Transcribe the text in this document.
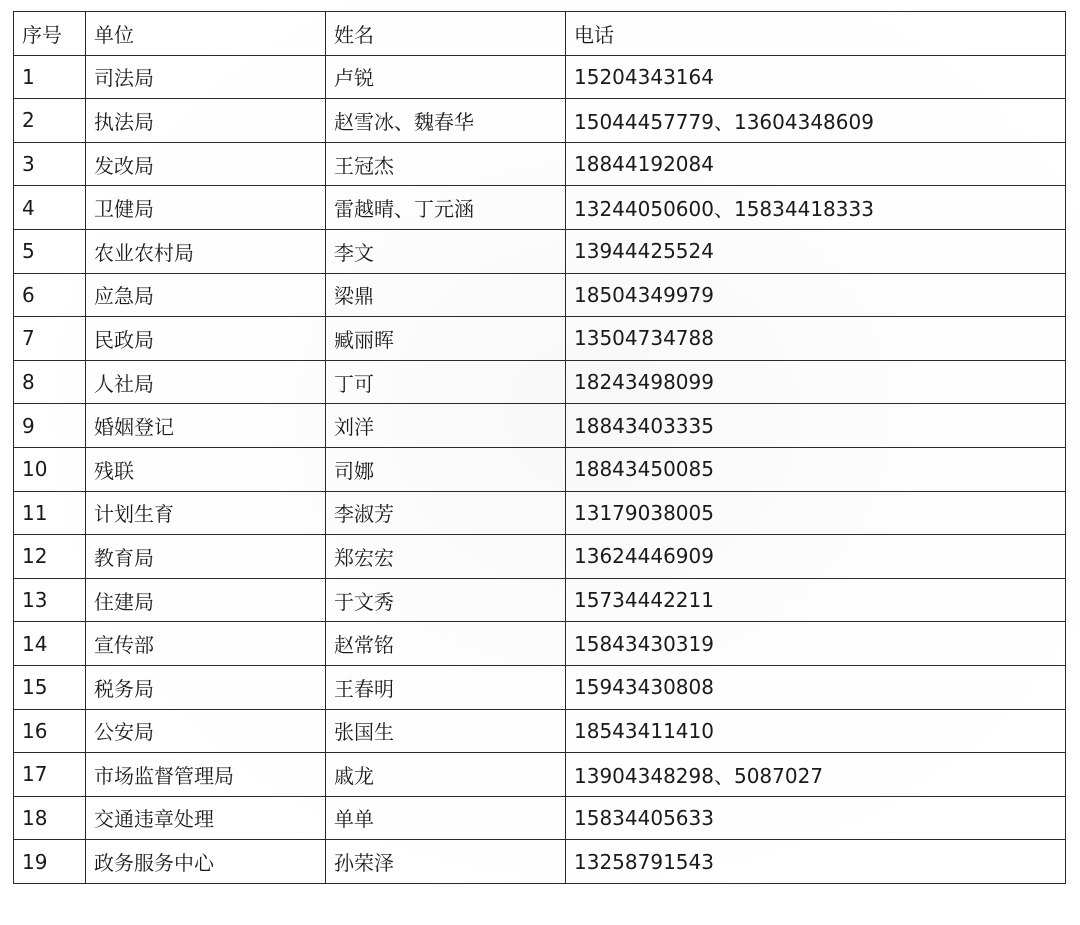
序号	单位	姓名	电话
1	司法局	卢锐	15204343164
2	执法局	赵雪冰、魏春华	15044457779、13604348609
3	发改局	王冠杰	18844192084
4	卫健局	雷越晴、丁元涵	13244050600、15834418333
5	农业农村局	李文	13944425524
6	应急局	梁鼎	18504349979
7	民政局	臧丽晖	13504734788
8	人社局	丁可	18243498099
9	婚姻登记	刘洋	18843403335
10	残联	司娜	18843450085
11	计划生育	李淑芳	13179038005
12	教育局	郑宏宏	13624446909
13	住建局	于文秀	15734442211
14	宣传部	赵常铭	15843430319
15	税务局	王春明	15943430808
16	公安局	张国生	18543411410
17	市场监督管理局	戚龙	13904348298、5087027
18	交通违章处理	单单	15834405633
19	政务服务中心	孙荣泽	13258791543
